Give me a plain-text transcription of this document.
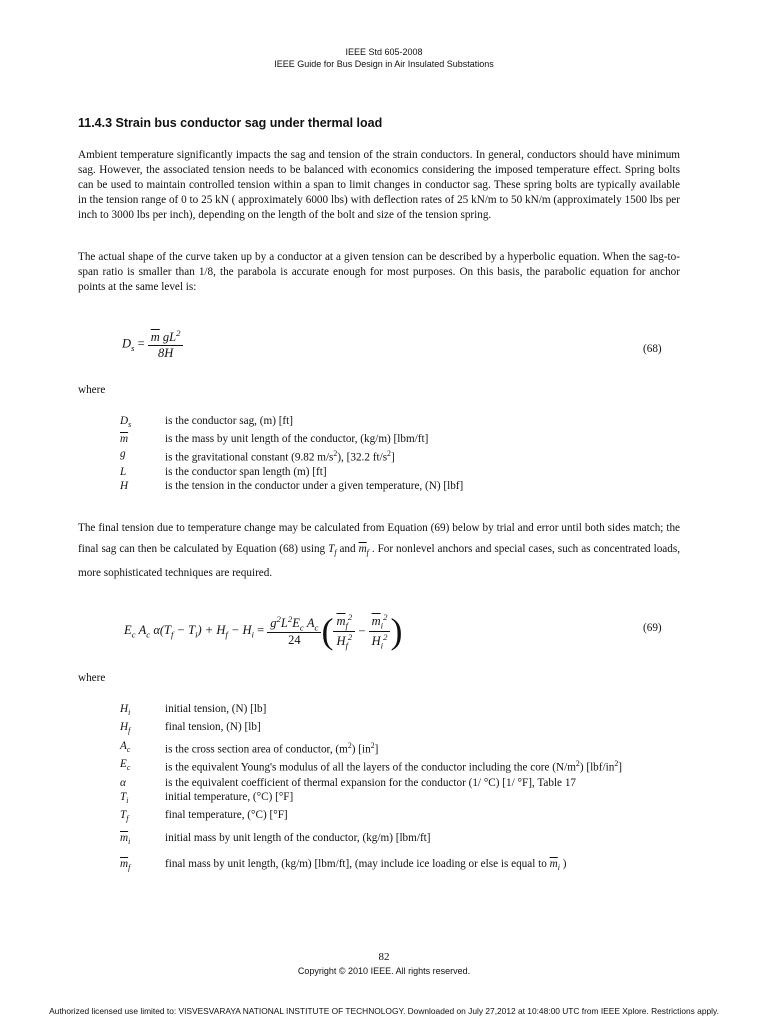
IEEE Std 605-2008
IEEE Guide for Bus Design in Air Insulated Substations
11.4.3 Strain bus conductor sag under thermal load
Ambient temperature significantly impacts the sag and tension of the strain conductors. In general, conductors should have minimum sag. However, the associated tension needs to be balanced with economics considering the imposed temperature effect. Spring bolts can be used to maintain controlled tension within a span to limit changes in conductor sag. These spring bolts are typically available in the tension range of 0 to 25 kN ( approximately 6000 lbs) with deflection rates of 25 kN/m to 50 kN/m (approximately 1500 lbs per inch to 3000 lbs per inch), depending on the length of the bolt and size of the tension spring.
The actual shape of the curve taken up by a conductor at a given tension can be described by a hyperbolic equation. When the sag-to-span ratio is smaller than 1/8, the parabola is accurate enough for most purposes. On this basis, the parabolic equation for anchor points at the same level is:
$D_s = \frac{\overline{m} gL^2}{8H}$	(68)
where
$D_s$	is the conductor sag, (m) [ft]
$\overline{m}$	is the mass by unit length of the conductor, (kg/m) [lbm/ft]
g	is the gravitational constant (9.82 $m/s^2$), [32.2 $ft/s^2$]
L	is the conductor span length (m) [ft]
H	is the tension in the conductor under a given temperature, (N) [lbf]
The final tension due to temperature change may be calculated from Equation (69) below by trial and error until both sides match; the final sag can then be calculated by Equation (68) using $T_f$ and $\overline{m}_f$ . For nonlevel anchors and special cases, such as concentrated loads, more sophisticated techniques are required.
$E_c$ $A_c$ $\alpha(T_f - T_i) + H_f - H_i = \frac{g^2L^2E_c A_c}{24}$ ( $\frac{\overline{m}_f^2}{H_f^2} - \frac{\overline{m}_i^2}{H_i^2}$ )	(69)
where
$H_i$	initial tension, (N) [lb]
$H_f$	final tension, (N) [lb]
$A_c$	is the cross section area of conductor, $(m^2)$ $[in^2]$
$E_c$	is the equivalent Young's modulus of all the layers of the conductor including the core $(N/m^2)$ $[lbf/in^2]$
α	is the equivalent coefficient of thermal expansion for the conductor (1/ °C) [1/ °F], Table 17
$T_i$	initial temperature, (°C) [°F]
$T_f$	final temperature, (°C) [°F]
$\overline{m}_i$	initial mass by unit length of the conductor, (kg/m) [lbm/ft]
$\overline{m}_f$	final mass by unit length, (kg/m) [lbm/ft], (may include ice loading or else is equal to $\overline{m}_i$ )
82
Copyright © 2010 IEEE. All rights reserved.
Authorized licensed use limited to: VISVESVARAYA NATIONAL INSTITUTE OF TECHNOLOGY. Downloaded on July 27,2012 at 10:48:00 UTC from IEEE Xplore. Restrictions apply.
